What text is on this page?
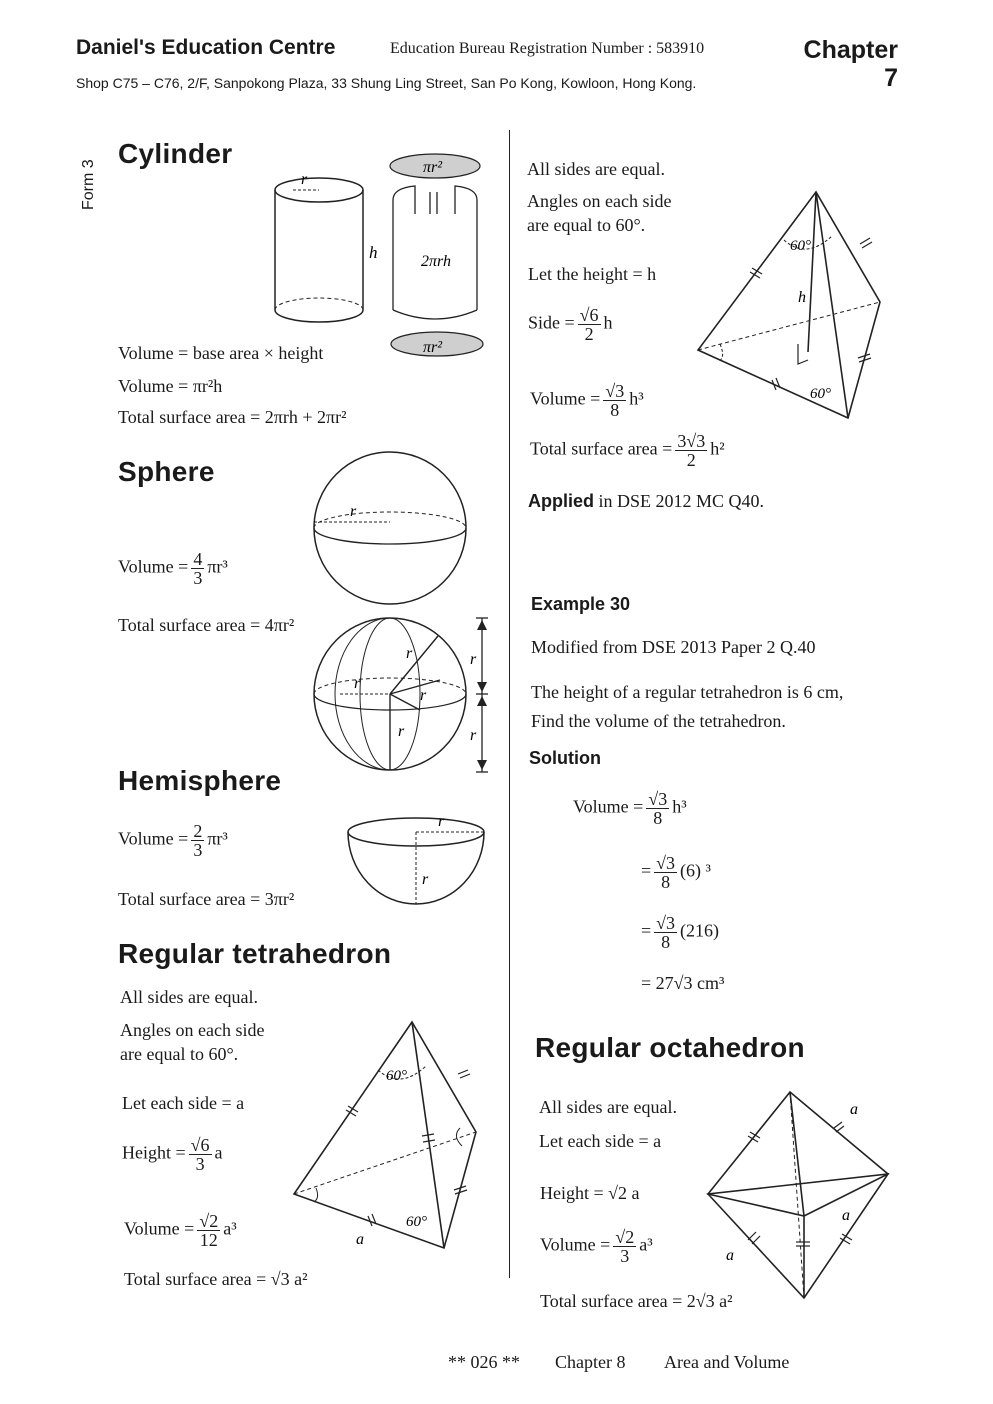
Daniel's Education Centre	Education Bureau Registration Number : 583910
Shop C75 – C76, 2/F, Sanpokong Plaza, 33 Shung Ling Street, San Po Kong, Kowloon, Hong Kong.
Chapter
7
Form 3
Cylinder
r
h
πr²
2πrh
πr²
Volume = base area × height
Volume = πr²h
Total surface area = 2πrh + 2πr²
Sphere
r
Volume = $\frac{4}{3} \pi r^3$
Total surface area = 4πr²
r
r
r
r
r
r
Hemisphere
Volume = $\frac{2}{3} \pi r^3$
Total surface area = 3πr²
r
r
Regular tetrahedron
All sides are equal.
Angles on each side
are equal to 60°.
Let each side = a
Height = $\frac{√6}{3}$ a
Volume = $\frac{√2}{12} a^3$
Total surface area = √3 a²
60°
60°
a
All sides are equal.
Angles on each side
are equal to 60°.
Let the height = h
Side = $\frac{√6}{2}$ h
Volume = $\frac{√3}{8} h^3$
Total surface area = $\frac{3√3}{2} h^2$
Applied in DSE 2012 MC Q40.
60°
60°
h
Example 30
Modified from DSE 2013 Paper 2 Q.40
The height of a regular tetrahedron is 6 cm,
Find the volume of the tetrahedron.
Solution
Volume = $\frac{√3}{8} h^3$
= $\frac{√3}{8} (6)$ ³
= $\frac{√3}{8} (216)$
= 27√3 cm³
Regular octahedron
All sides are equal.
Let each side = a
Height = √2 a
Volume = $\frac{√2}{3} a^3$
Total surface area = 2√3 a²
a
a
a
** 026 ** Chapter 8 Area and Volume
